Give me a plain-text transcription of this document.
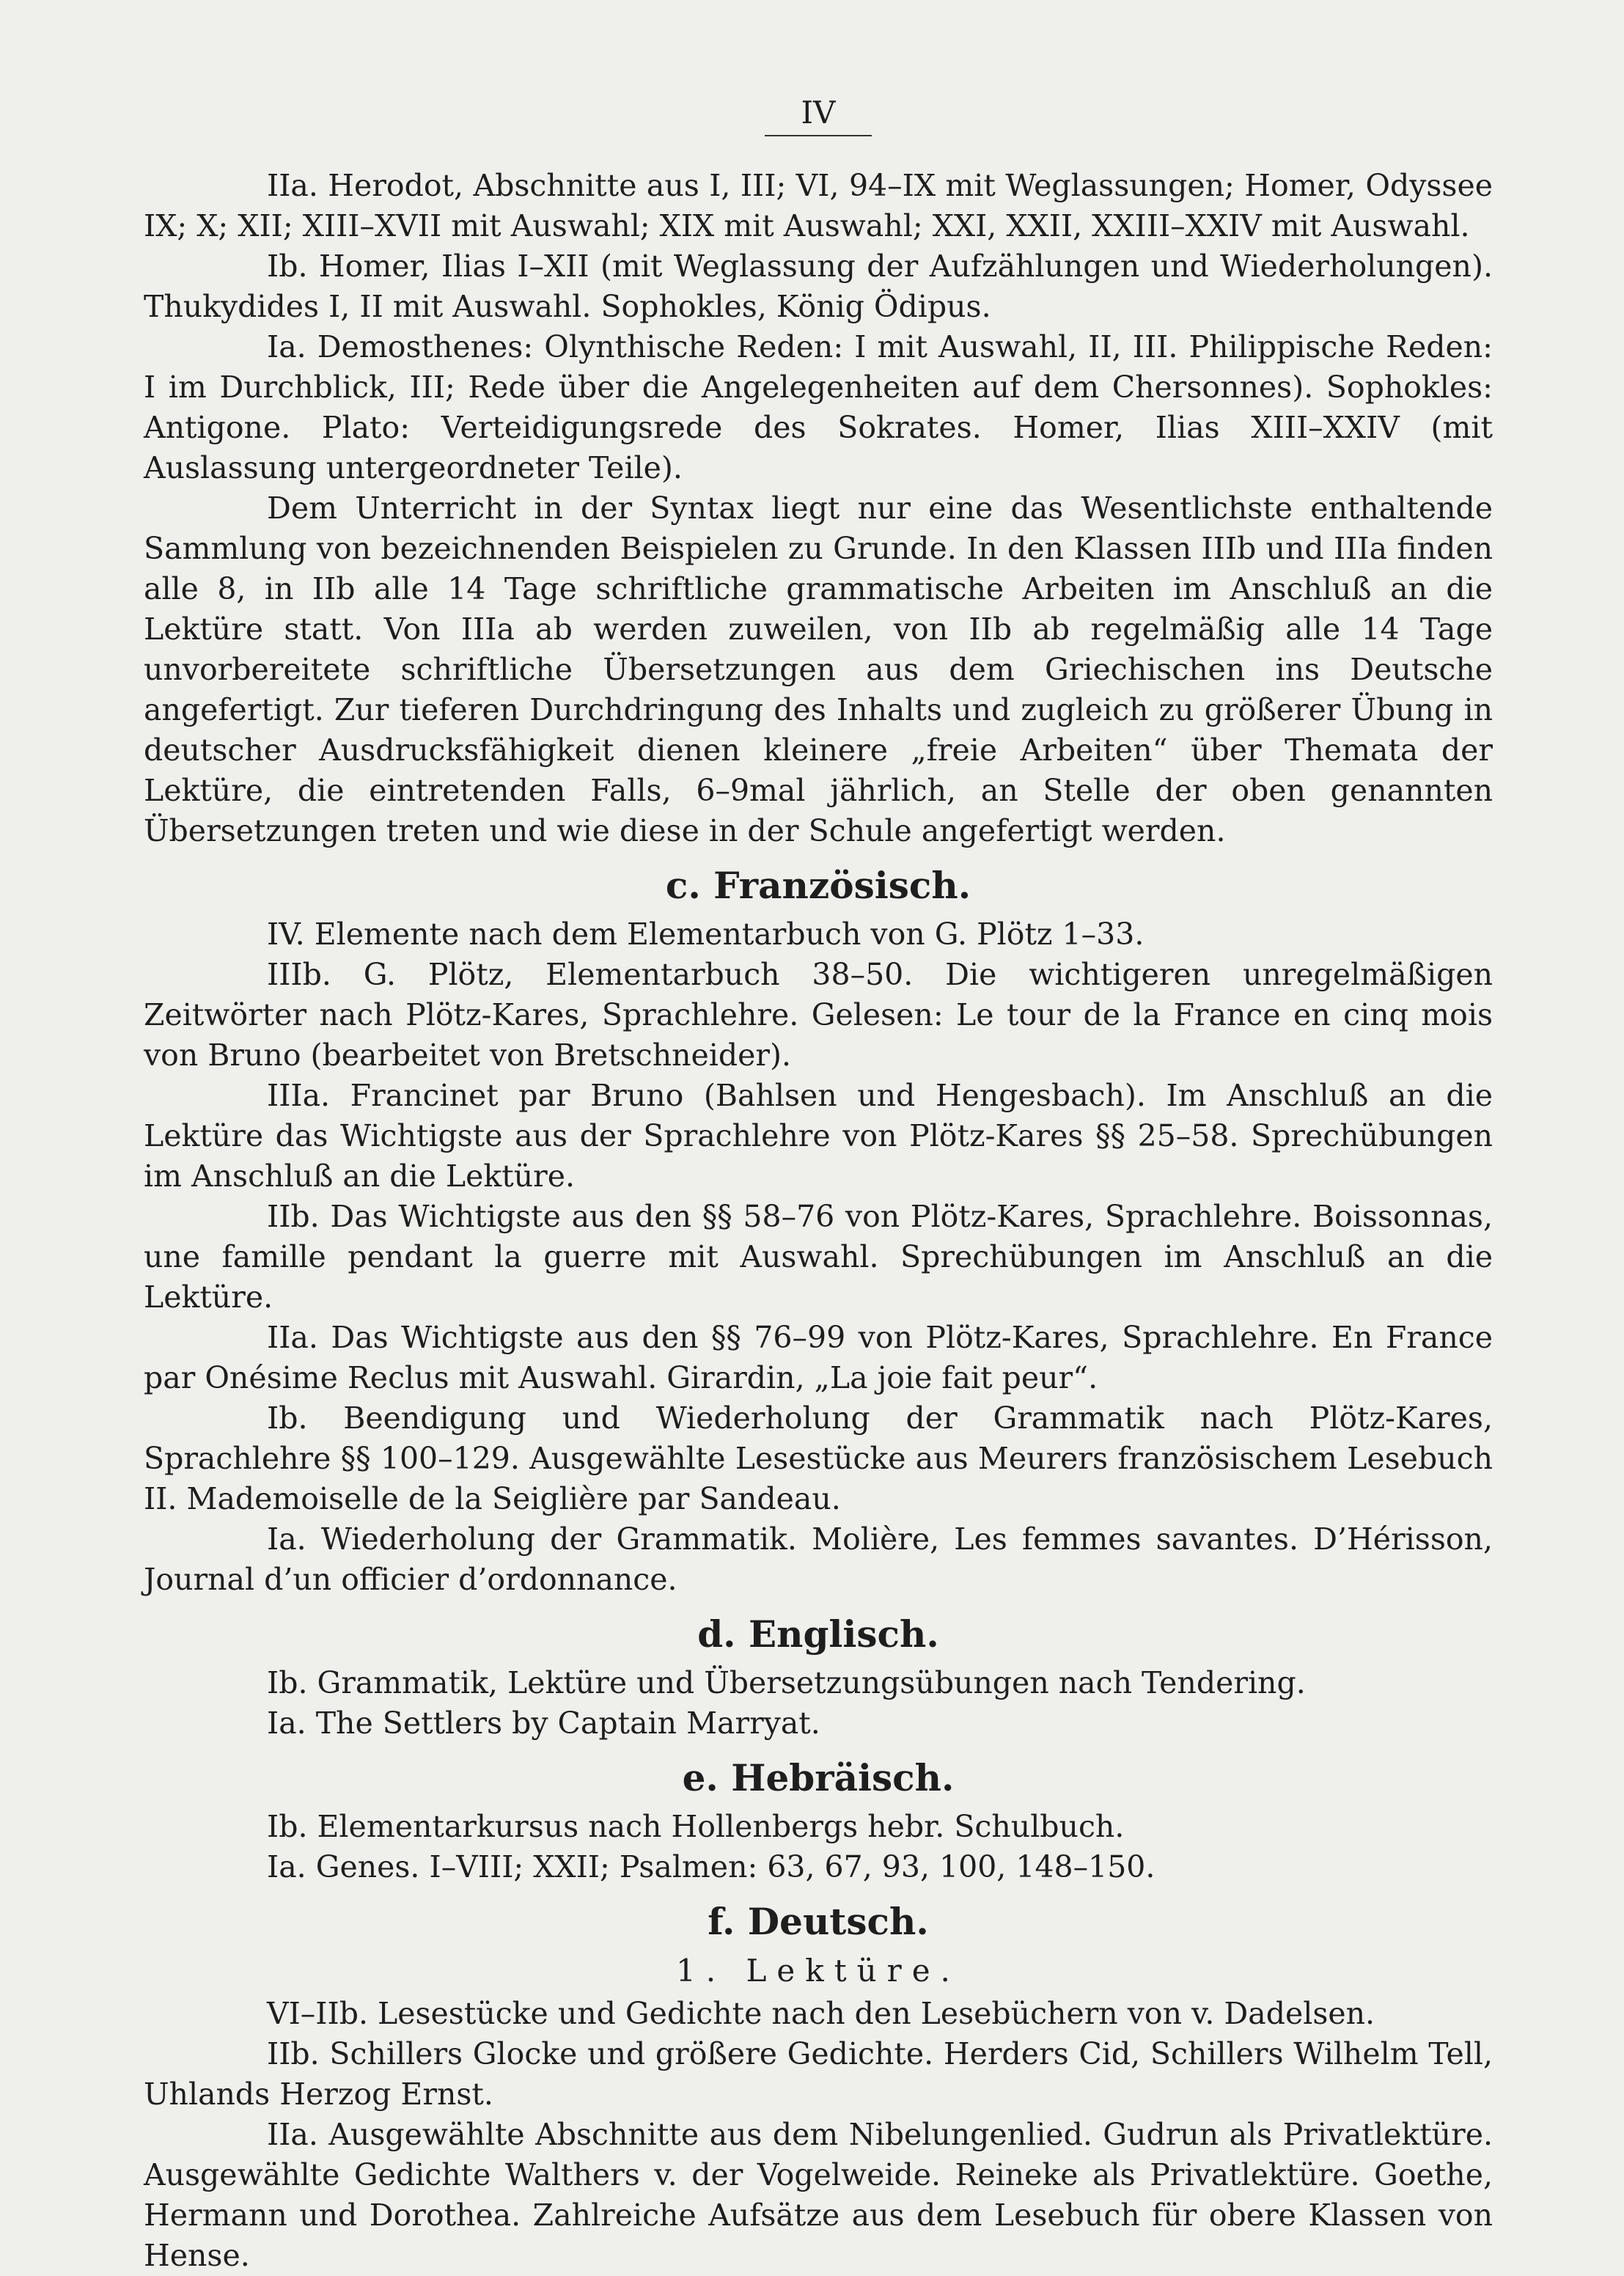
IV

IIa. Herodot, Abschnitte aus I, III; VI, 94–IX mit Weglassungen; Homer, Odyssee IX; X; XII; XIII–XVII mit Auswahl; XIX mit Auswahl; XXI, XXII, XXIII–XXIV mit Auswahl.

Ib. Homer, Ilias I–XII (mit Weglassung der Aufzählungen und Wiederholungen). Thukydides I, II mit Auswahl. Sophokles, König Ödipus.

Ia. Demosthenes: Olynthische Reden: I mit Auswahl, II, III. Philippische Reden: I im Durchblick, III; Rede über die Angelegenheiten auf dem Chersonnes). Sophokles: Antigone. Plato: Verteidigungsrede des Sokrates. Homer, Ilias XIII–XXIV (mit Auslassung untergeordneter Teile).

Dem Unterricht in der Syntax liegt nur eine das Wesentlichste enthaltende Sammlung von bezeichnenden Beispielen zu Grunde. In den Klassen IIIb und IIIa finden alle 8, in IIb alle 14 Tage schriftliche grammatische Arbeiten im Anschluß an die Lektüre statt. Von IIIa ab werden zuweilen, von IIb ab regelmäßig alle 14 Tage unvorbereitete schriftliche Übersetzungen aus dem Griechischen ins Deutsche angefertigt. Zur tieferen Durchdringung des Inhalts und zugleich zu größerer Übung in deutscher Ausdrucksfähigkeit dienen kleinere „freie Arbeiten“ über Themata der Lektüre, die eintretenden Falls, 6–9mal jährlich, an Stelle der oben genannten Übersetzungen treten und wie diese in der Schule angefertigt werden.

c. Französisch.

IV. Elemente nach dem Elementarbuch von G. Plötz 1–33.

IIIb. G. Plötz, Elementarbuch 38–50. Die wichtigeren unregelmäßigen Zeitwörter nach Plötz-Kares, Sprachlehre. Gelesen: Le tour de la France en cinq mois von Bruno (bearbeitet von Bretschneider).

IIIa. Francinet par Bruno (Bahlsen und Hengesbach). Im Anschluß an die Lektüre das Wichtigste aus der Sprachlehre von Plötz-Kares §§ 25–58. Sprechübungen im Anschluß an die Lektüre.

IIb. Das Wichtigste aus den §§ 58–76 von Plötz-Kares, Sprachlehre. Boissonnas, une famille pendant la guerre mit Auswahl. Sprechübungen im Anschluß an die Lektüre.

IIa. Das Wichtigste aus den §§ 76–99 von Plötz-Kares, Sprachlehre. En France par Onésime Reclus mit Auswahl. Girardin, „La joie fait peur“.

Ib. Beendigung und Wiederholung der Grammatik nach Plötz-Kares, Sprachlehre §§ 100–129. Ausgewählte Lesestücke aus Meurers französischem Lesebuch II. Mademoiselle de la Seiglière par Sandeau.

Ia. Wiederholung der Grammatik. Molière, Les femmes savantes. D’Hérisson, Journal d’un officier d’ordonnance.

d. Englisch.

Ib. Grammatik, Lektüre und Übersetzungsübungen nach Tendering.

Ia. The Settlers by Captain Marryat.

e. Hebräisch.

Ib. Elementarkursus nach Hollenbergs hebr. Schulbuch.

Ia. Genes. I–VIII; XXII; Psalmen: 63, 67, 93, 100, 148–150.

f. Deutsch.
1. Lektüre.

VI–IIb. Lesestücke und Gedichte nach den Lesebüchern von v. Dadelsen.

IIb. Schillers Glocke und größere Gedichte. Herders Cid, Schillers Wilhelm Tell, Uhlands Herzog Ernst.

IIa. Ausgewählte Abschnitte aus dem Nibelungenlied. Gudrun als Privatlektüre. Ausgewählte Gedichte Walthers v. der Vogelweide. Reineke als Privatlektüre. Goethe, Hermann und Dorothea. Zahlreiche Aufsätze aus dem Lesebuch für obere Klassen von Hense.
